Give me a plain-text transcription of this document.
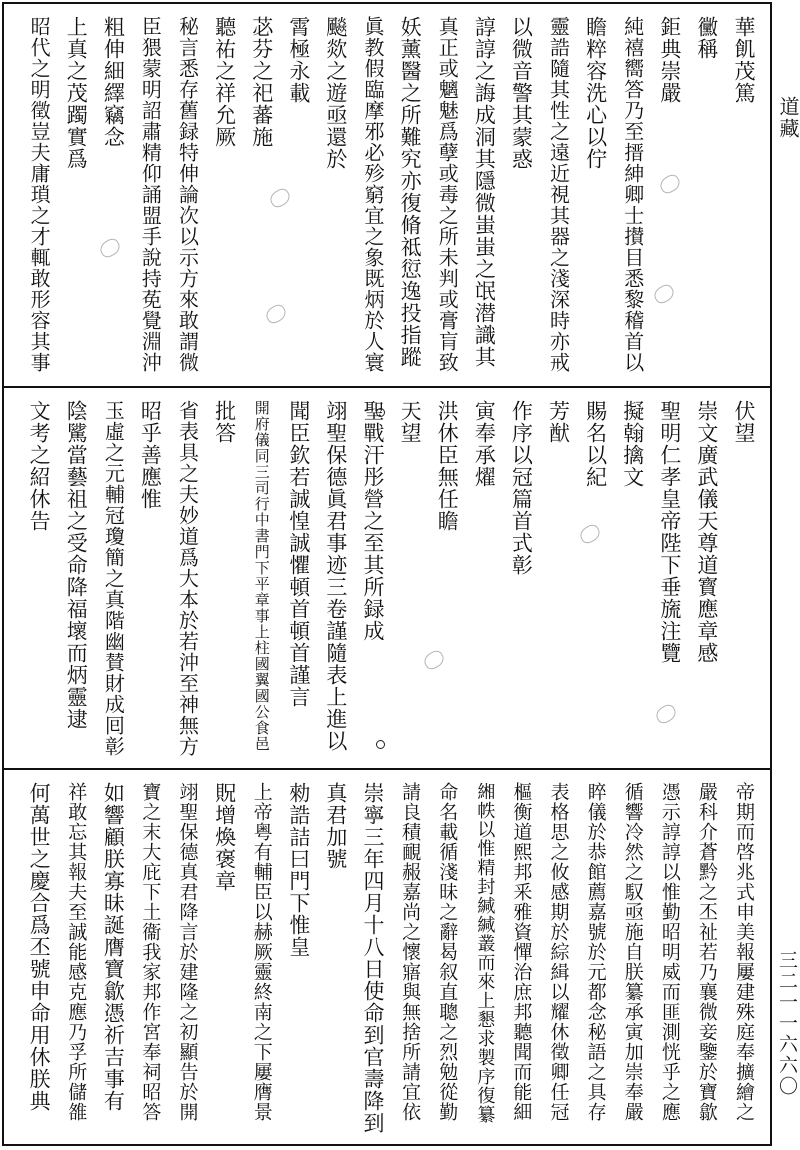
華飢茂篤
黴稱
鉅典崇嚴
純禧嚮答乃至搢紳卿士攅目悉黎稽首以
瞻粹容洗心以佇
靈誥隨其性之遠近視其器之淺深時亦戒
以微音警其蒙惑
諄諄之誨成洞其隱微蚩蚩之氓潜識其
真正或魑魅爲孽或毒之所未判或膏肓致
妖薰醫之所難究亦復脩祗愆逸投指蹤
眞教假臨摩邪必殄窮宜之象既炳於人寰
飈欻之遊亟還於
霄極永載
苾芬之祀蕃施
聽祐之祥允厥
秘言悉存舊録特伸論次以示方來敢謂微
臣猥蒙明詔肅精仰誦盟手說持莬覺淵沖
粗伸細繹竊念
上真之茂躅實爲
昭代之明徵豈夫庸瑣之才輒敢形容其事
伏望
崇文廣武儀天尊道寳應章感
聖明仁孝皇帝陛下垂旒注覽
擬翰擒文
賜名以紀
芳猷
作序以冠篇首式彰
寅奉承燿
洪休臣無任瞻
天望
聖戰汗彤營之至其所録成
翊聖保德眞君事迹三卷謹隨表上進以
聞臣欽若誠惶誠懼頓首頓首謹言
開府儀同三司行中書門下平章事上柱國翼國公食邑
批答
省表具之夫妙道爲大本於若沖至神無方
昭乎善應惟
玉虛之元輔冠瓊簡之真階幽賛財成囘彰
陰騭當藝祖之受命降福壞而炳靈逮
文考之紹休告
帝期而啓兆式申美報屢建殊庭奉擴繪之
嚴科介蒼黔之丕祉若乃襄微妾鑒於寶歙
憑示諄諄以惟勤昭明威而匪測恍乎之應
循響冷然之馭亟施自朕纂承寅加崇奉嚴
睟儀於恭館薦嘉號於元都念秘語之具存
表格思之攸感期於綜緝以耀休徵卿任冠
樞衡道熙邦釆雅資憚治庶邦聽聞而能細
緗帙以惟精封緘緘叢而來上懇求製序復纂
命名載循淺昧之辭曷叙直聰之烈勉從勤
請良積靦赧嘉尚之懷寤與無捨所請宜依
崇寧三年四月十八日使命到官壽降到
真君加號
勑誥詰曰門下惟皇
上帝粤有輔臣以赫厥靈終南之下屢膺景
貺增煥褒章
翊聖保德真君降言於建隆之初顯告於開
寶之末大庇下土衞我家邦作宮奉祠昭答
如響顧朕寡昧誕膺寶歙憑祈吉事有
祥敢忘其報夫至誠能感克應乃孚所儲雒
何萬世之慶合爲丕號申命用休朕典
道藏
三二一一六六〇
